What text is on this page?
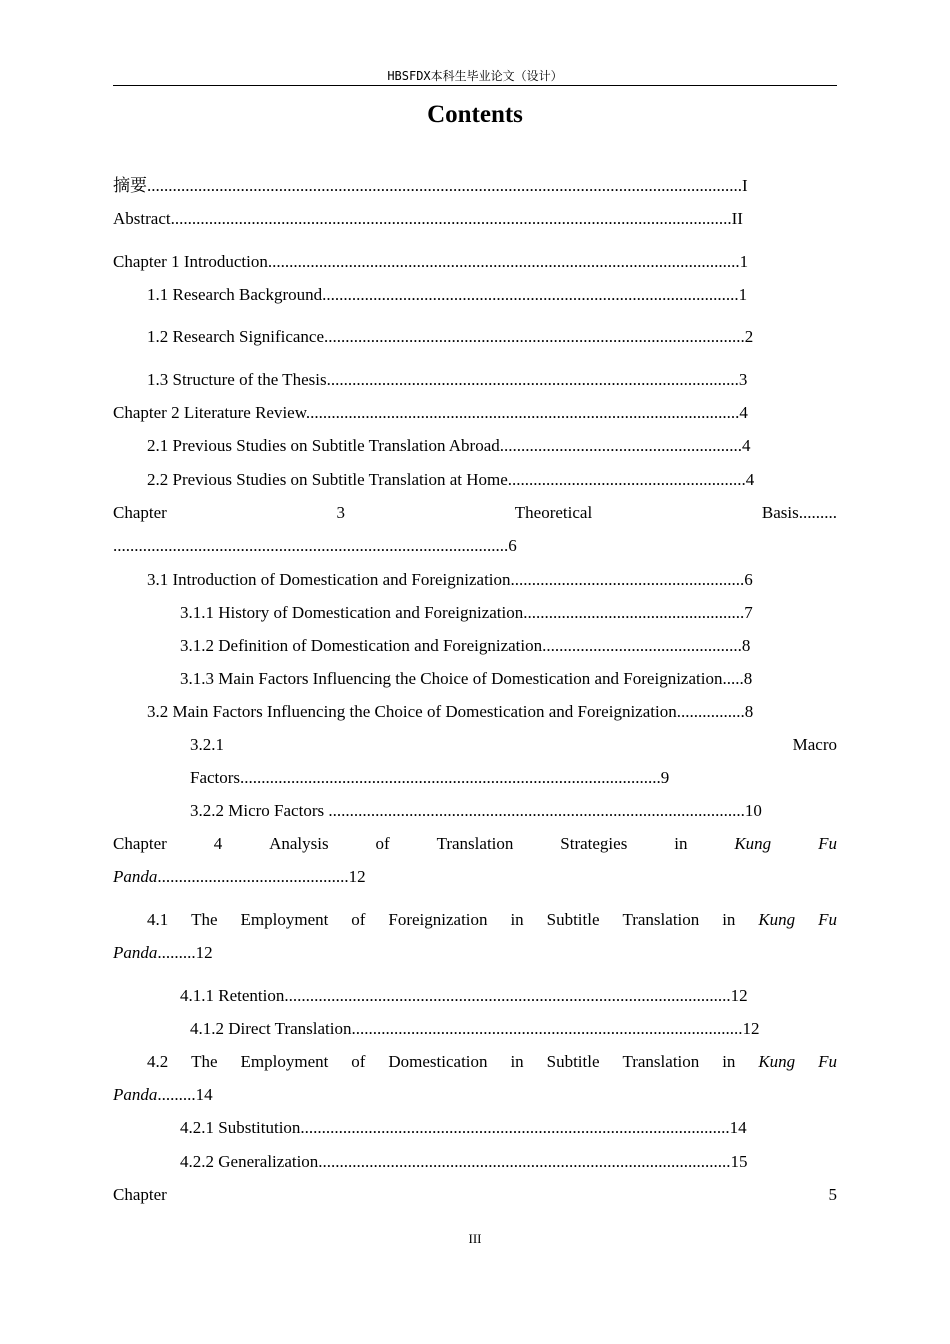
HBSFDX本科生毕业论文（设计）
Contents
摘要............................................................................................................................................I
Abstract....................................................................................................................................II
Chapter 1 Introduction...............................................................................................................1
1.1 Research Background..................................................................................................1
1.2 Research Significance...................................................................................................2
1.3 Structure of the Thesis.................................................................................................3
Chapter 2 Literature Review......................................................................................................4
2.1 Previous Studies on Subtitle Translation Abroad.........................................................4
2.2 Previous Studies on Subtitle Translation at Home........................................................4
Chapter	3	Theoretical	Basis.........
.............................................................................................6
3.1 Introduction of Domestication and Foreignization.......................................................6
3.1.1 History of Domestication and Foreignization....................................................7
3.1.2 Definition of Domestication and Foreignization...............................................8
3.1.3 Main Factors Influencing the Choice of Domestication and Foreignization.....8
3.2 Main Factors Influencing the Choice of Domestication and Foreignization................8
3.2.1	Macro
Factors...................................................................................................9
3.2.2 Micro Factors ..................................................................................................10
Chapter	4	Analysis	of	Translation	Strategies	in	Kung	Fu
Panda.............................................12
4.1 The Employment of Foreignization in Subtitle Translation in Kung Fu
Panda.........12
4.1.1 Retention.........................................................................................................12
4.1.2 Direct Translation............................................................................................12
4.2 The Employment of Domestication in Subtitle Translation in Kung Fu
Panda.........14
4.2.1 Substitution.....................................................................................................14
4.2.2 Generalization.................................................................................................15
Chapter	5
III
